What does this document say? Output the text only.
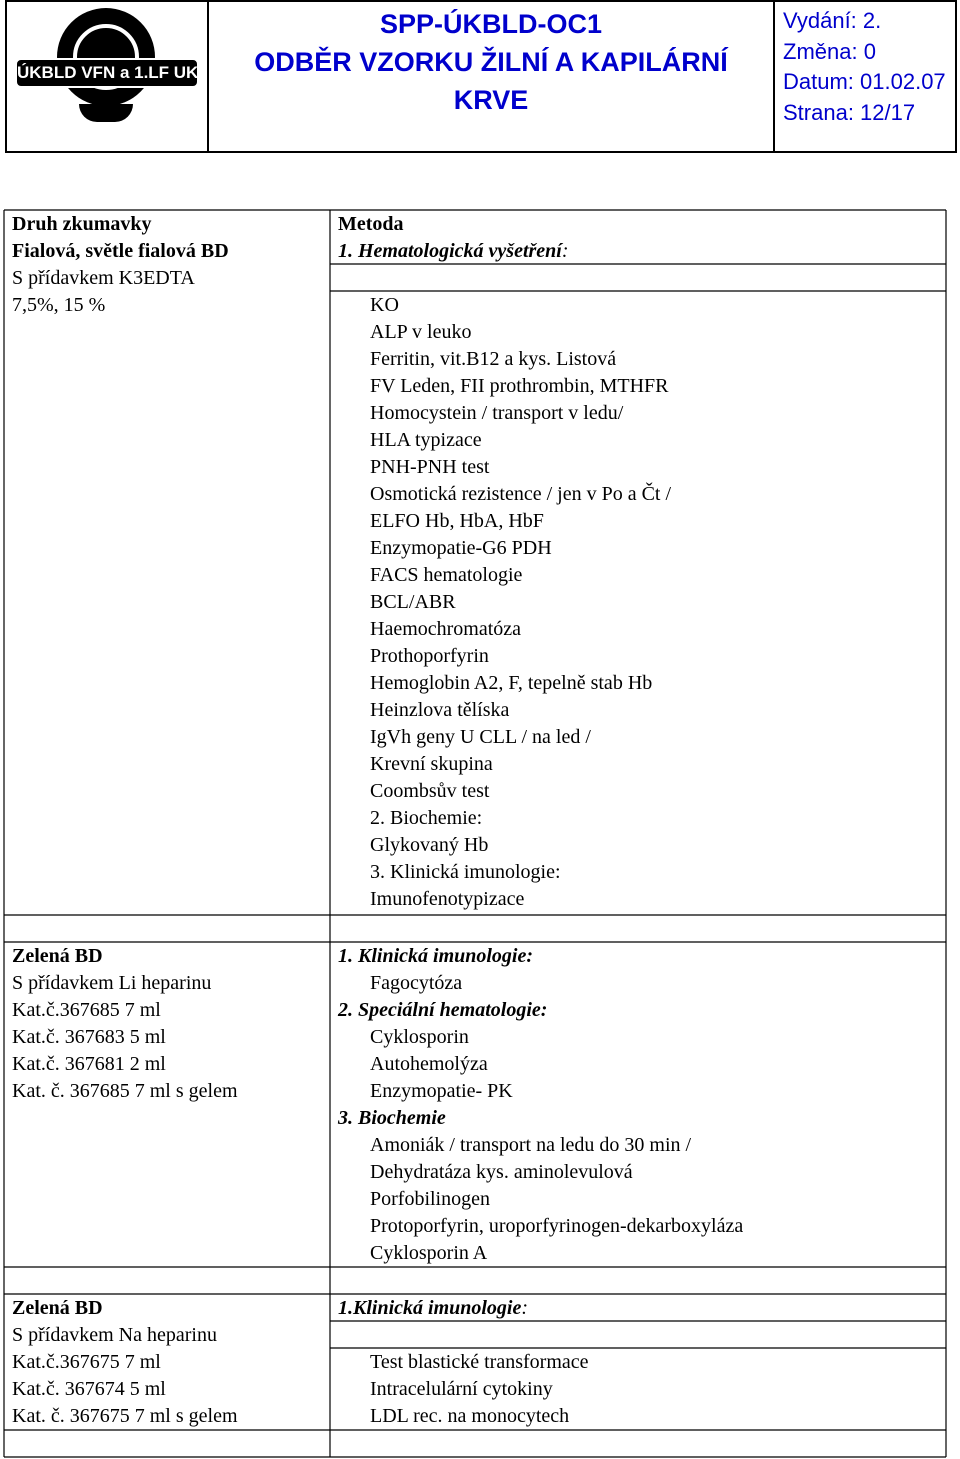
ÚKBLD VFN a 1.LF UK
SPP-ÚKBLD-OC1
ODBĚR VZORKU ŽILNÍ A KAPILÁRNÍ
KRVE
Vydání: 2.
Změna: 0
Datum: 01.02.07
Strana: 12/17
Druh zkumavky	Metoda
Fialová, světle fialová BD
S přídavkem K3EDTA
7,5%, 15 %
1. Hematologická vyšetření:
KO
ALP v leuko
Ferritin, vit.B12 a kys. Listová
FV Leden, FII prothrombin, MTHFR
Homocystein / transport v ledu/
HLA typizace
PNH-PNH test
Osmotická rezistence / jen v Po a Čt /
ELFO Hb, HbA, HbF
Enzymopatie-G6 PDH
FACS hematologie
BCL/ABR
Haemochromatóza
Prothoporfyrin
Hemoglobin A2, F, tepelně stab Hb
Heinzlova tělíska
IgVh geny U CLL / na led /
Krevní skupina
Coombsův test
2. Biochemie:
Glykovaný Hb
3. Klinická imunologie:
Imunofenotypizace
Zelená BD
S přídavkem Li heparinu
Kat.č.367685 7 ml
Kat.č. 367683 5 ml
Kat.č. 367681 2 ml
Kat. č. 367685 7 ml s gelem
1. Klinická imunologie:
Fagocytóza
2. Speciální hematologie:
Cyklosporin
Autohemolýza
Enzymopatie- PK
3. Biochemie
Amoniák / transport na ledu do 30 min /
Dehydratáza kys. aminolevulová
Porfobilinogen
Protoporfyrin, uroporfyrinogen-dekarboxyláza
Cyklosporin A
Zelená BD
S přídavkem Na heparinu
Kat.č.367675 7 ml
Kat.č. 367674 5 ml
Kat. č. 367675 7 ml s gelem
1.Klinická imunologie:
Test blastické transformace
Intracelulární cytokiny
LDL rec. na monocytech
